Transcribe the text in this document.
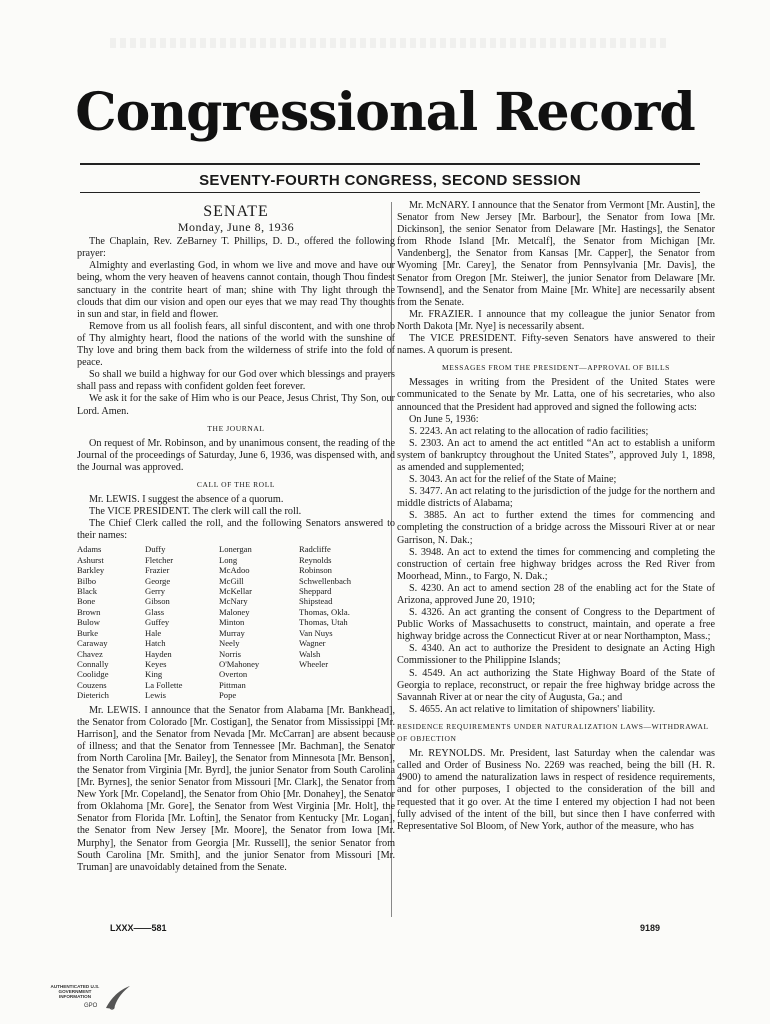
Congressional Record
SEVENTY-FOURTH CONGRESS, SECOND SESSION
SENATE
Monday, June 8, 1936

The Chaplain, Rev. ZeBarney T. Phillips, D. D., offered the following prayer:

Almighty and everlasting God, in whom we live and move and have our being, whom the very heaven of heavens cannot contain, though Thou findest sanctuary in the contrite heart of man; shine with Thy light through the clouds that dim our vision and open our eyes that we may read Thy thoughts in sun and star, in field and flower.

Remove from us all foolish fears, all sinful discontent, and with one throb of Thy almighty heart, flood the nations of the world with the sunshine of Thy love and bring them back from the wilderness of strife into the fold of peace.

So shall we build a highway for our God over which blessings and prayers shall pass and repass with confident golden feet forever.

We ask it for the sake of Him who is our Peace, Jesus Christ, Thy Son, our Lord. Amen.

THE JOURNAL

On request of Mr. Robinson, and by unanimous consent, the reading of the Journal of the proceedings of Saturday, June 6, 1936, was dispensed with, and the Journal was approved.

CALL OF THE ROLL

Mr. LEWIS. I suggest the absence of a quorum.

The VICE PRESIDENT. The clerk will call the roll.

The Chief Clerk called the roll, and the following Senators answered to their names:

Adams
Ashurst
Barkley
Bilbo
Black
Bone
Brown
Bulow
Burke
Caraway
Chavez
Connally
Coolidge
Couzens
Dieterich
Duffy
Fletcher
Frazier
George
Gerry
Gibson
Glass
Guffey
Hale
Hatch
Hayden
Keyes
King
La Follette
Lewis
Lonergan
Long
McAdoo
McGill
McKellar
McNary
Maloney
Minton
Murray
Neely
Norris
O'Mahoney
Overton
Pittman
Pope
Radcliffe
Reynolds
Robinson
Schwellenbach
Sheppard
Shipstead
Thomas, Okla.
Thomas, Utah
Van Nuys
Wagner
Walsh
Wheeler

Mr. LEWIS. I announce that the Senator from Alabama [Mr. Bankhead], the Senator from Colorado [Mr. Costigan], the Senator from Mississippi [Mr. Harrison], and the Senator from Nevada [Mr. McCarran] are absent because of illness; and that the Senator from Tennessee [Mr. Bachman], the Senator from North Carolina [Mr. Bailey], the Senator from Minnesota [Mr. Benson], the Senator from Virginia [Mr. Byrd], the junior Senator from South Carolina [Mr. Byrnes], the senior Senator from Missouri [Mr. Clark], the Senator from New York [Mr. Copeland], the Senator from Ohio [Mr. Donahey], the Senator from Oklahoma [Mr. Gore], the Senator from West Virginia [Mr. Holt], the Senator from Florida [Mr. Loftin], the Senator from Kentucky [Mr. Logan], the Senator from New Jersey [Mr. Moore], the Senator from Iowa [Mr. Murphy], the Senator from Georgia [Mr. Russell], the senior Senator from South Carolina [Mr. Smith], and the junior Senator from Missouri [Mr. Truman] are unavoidably detained from the Senate.

Mr. McNARY. I announce that the Senator from Vermont [Mr. Austin], the Senator from New Jersey [Mr. Barbour], the Senator from Iowa [Mr. Dickinson], the senior Senator from Delaware [Mr. Hastings], the Senator from Rhode Island [Mr. Metcalf], the Senator from Michigan [Mr. Vandenberg], the Senator from Kansas [Mr. Capper], the Senator from Wyoming [Mr. Carey], the Senator from Pennsylvania [Mr. Davis], the Senator from Oregon [Mr. Steiwer], the junior Senator from Delaware [Mr. Townsend], and the Senator from Maine [Mr. White] are necessarily absent from the Senate.

Mr. FRAZIER. I announce that my colleague the junior Senator from North Dakota [Mr. Nye] is necessarily absent.

The VICE PRESIDENT. Fifty-seven Senators have answered to their names. A quorum is present.

MESSAGES FROM THE PRESIDENT—APPROVAL OF BILLS

Messages in writing from the President of the United States were communicated to the Senate by Mr. Latta, one of his secretaries, who also announced that the President had approved and signed the following acts:

On June 5, 1936:

S. 2243. An act relating to the allocation of radio facilities;

S. 2303. An act to amend the act entitled “An act to establish a uniform system of bankruptcy throughout the United States”, approved July 1, 1898, as amended and supplemented;

S. 3043. An act for the relief of the State of Maine;

S. 3477. An act relating to the jurisdiction of the judge for the northern and middle districts of Alabama;

S. 3885. An act to further extend the times for commencing and completing the construction of a bridge across the Missouri River at or near Garrison, N. Dak.;

S. 3948. An act to extend the times for commencing and completing the construction of certain free highway bridges across the Red River from Moorhead, Minn., to Fargo, N. Dak.;

S. 4230. An act to amend section 28 of the enabling act for the State of Arizona, approved June 20, 1910;

S. 4326. An act granting the consent of Congress to the Department of Public Works of Massachusetts to construct, maintain, and operate a free highway bridge across the Connecticut River at or near Northampton, Mass.;

S. 4340. An act to authorize the President to designate an Acting High Commissioner to the Philippine Islands;

S. 4549. An act authorizing the State Highway Board of the State of Georgia to replace, reconstruct, or repair the free highway bridge across the Savannah River at or near the city of Augusta, Ga.; and

S. 4655. An act relative to limitation of shipowners' liability.

RESIDENCE REQUIREMENTS UNDER NATURALIZATION LAWS—WITHDRAWAL OF OBJECTION

Mr. REYNOLDS. Mr. President, last Saturday when the calendar was called and Order of Business No. 2269 was reached, being the bill (H. R. 4900) to amend the naturalization laws in respect of residence requirements, and for other purposes, I objected to the consideration of the bill and requested that it go over. At the time I entered my objection I had not been fully advised of the intent of the bill, but since then I have conferred with Representative Sol Bloom, of New York, author of the measure, who has

LXXX——581	9189
AUTHENTICATED U.S. GOVERNMENT INFORMATION
GPO
